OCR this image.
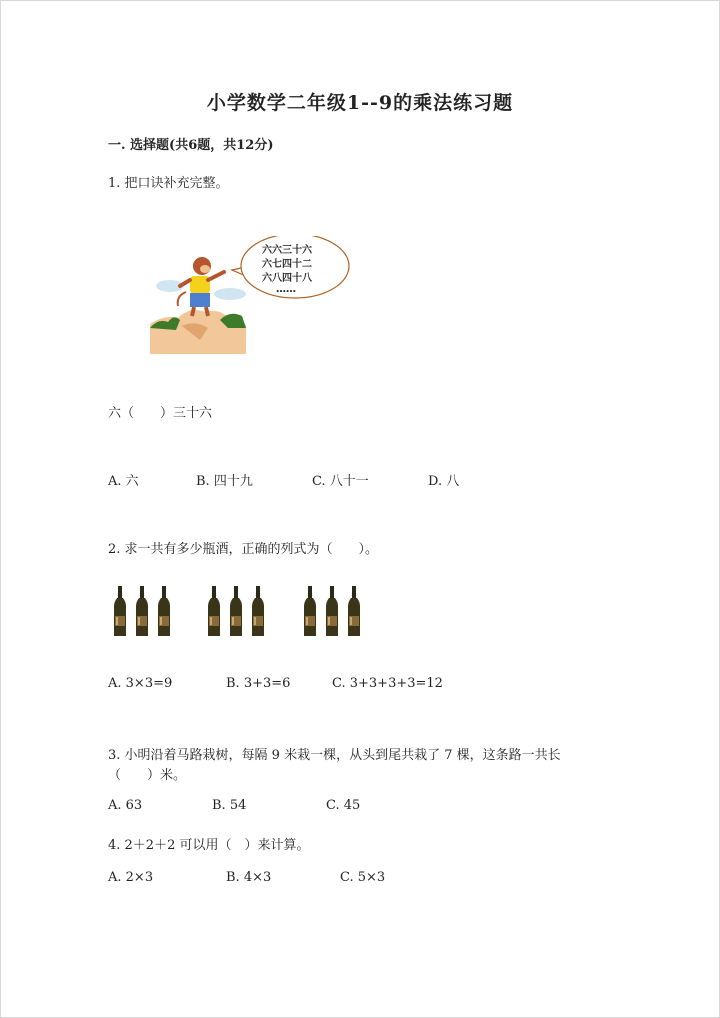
小学数学二年级1--9的乘法练习题
一. 选择题(共6题，共12分)
1. 把口诀补充完整。
六六三十六
六七四十二
六八四十八
……
六（　　）三十六
A. 六	B. 四十九	C. 八十一	D. 八
2. 求一共有多少瓶酒，正确的列式为（　　）。
A. 3×3=9	B. 3+3=6	C. 3+3+3+3=12
3. 小明沿着马路栽树，每隔 9 米栽一棵，从头到尾共栽了 7 棵，这条路一共长
（　　）米。
A. 63	B. 54	C. 45
4. 2＋2＋2 可以用（　）来计算。
A. 2×3	B. 4×3	C. 5×3
